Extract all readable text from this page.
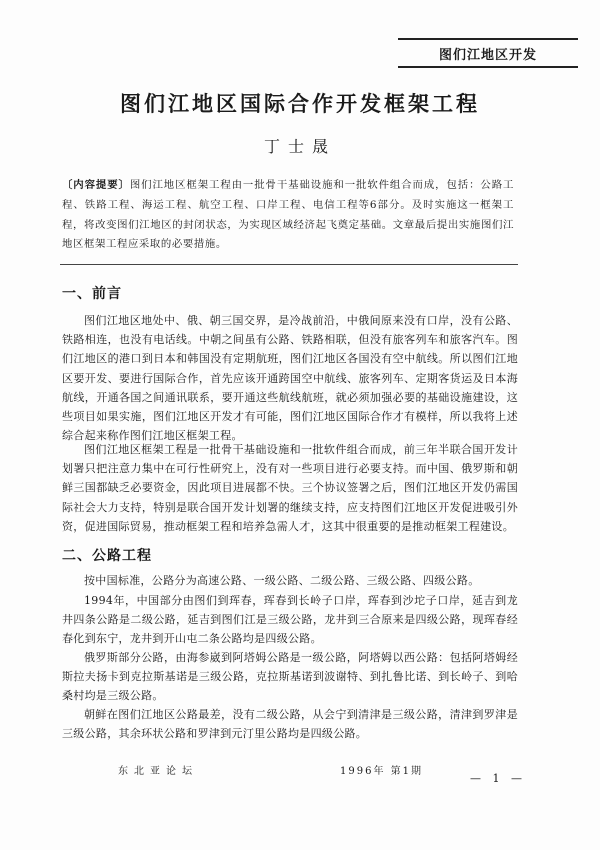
图们江地区开发
图们江地区国际合作开发框架工程
丁士晟
〔内容提要〕图们江地区框架工程由一批骨干基础设施和一批软件组合而成，包括：公路工程、铁路工程、海运工程、航空工程、口岸工程、电信工程等6部分。及时实施这一框架工程，将改变图们江地区的封闭状态，为实现区域经济起飞奠定基础。文章最后提出实施图们江地区框架工程应采取的必要措施。
一、前言
图们江地区地处中、俄、朝三国交界，是冷战前沿，中俄间原来没有口岸，没有公路、铁路相连，也没有电话线。中朝之间虽有公路、铁路相联，但没有旅客列车和旅客汽车。图们江地区的港口到日本和韩国没有定期航班，图们江地区各国没有空中航线。所以图们江地区要开发、要进行国际合作，首先应该开通跨国空中航线、旅客列车、定期客货运及日本海航线，开通各国之间通讯联系，要开通这些航线航班，就必须加强必要的基础设施建设，这些项目如果实施，图们江地区开发才有可能，图们江地区国际合作才有模样，所以我将上述综合起来称作图们江地区框架工程。
图们江地区框架工程是一批骨干基础设施和一批软件组合而成，前三年半联合国开发计划署只把注意力集中在可行性研究上，没有对一些项目进行必要支持。而中国、俄罗斯和朝鲜三国都缺乏必要资金，因此项目进展都不快。三个协议签署之后，图们江地区开发仍需国际社会大力支持，特别是联合国开发计划署的继续支持，应支持图们江地区开发促进吸引外资，促进国际贸易，推动框架工程和培养急需人才，这其中很重要的是推动框架工程建设。
二、公路工程
按中国标准，公路分为高速公路、一级公路、二级公路、三级公路、四级公路。
1994年，中国部分由图们到珲春，珲春到长岭子口岸，珲春到沙坨子口岸，延吉到龙井四条公路是二级公路，延吉到图们江是三级公路，龙井到三合原来是四级公路，现珲春经春化到东宁，龙井到开山屯二条公路均是四级公路。
俄罗斯部分公路，由海参崴到阿塔姆公路是一级公路，阿塔姆以西公路：包括阿塔姆经斯拉夫扬卡到克拉斯基诺是三级公路，克拉斯基诺到波谢特、到扎鲁比诺、到长岭子、到哈桑村均是三级公路。
朝鲜在图们江地区公路最差，没有二级公路，从会宁到清津是三级公路，清津到罗津是三级公路，其余环状公路和罗津到元汀里公路均是四级公路。
东北亚论坛	1996年 第1期
— 1 —
